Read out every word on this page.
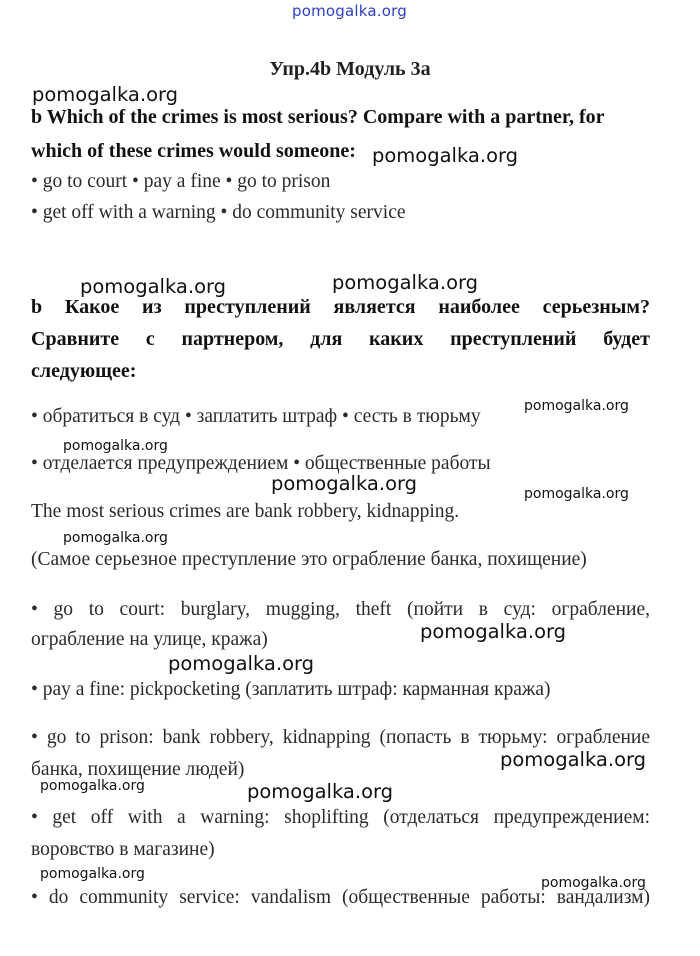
pomogalka.org
Упр.4b Модуль 3a
b Which of the crimes is most serious? Compare with a partner, for
which of these crimes would someone:
• go to court • pay a fine • go to prison
• get off with a warning • do community service
b Какое из преступлений является наиболее серьезным?
Сравните с партнером, для каких преступлений будет
следующее:
• обратиться в суд • заплатить штраф • сесть в тюрьму
• отделается предупреждением • общественные работы
The most serious crimes are bank robbery, kidnapping.
(Самое серьезное преступление это ограбление банка, похищение)
• go to court: burglary, mugging, theft (пойти в суд: ограбление,
ограбление на улице, кража)
• pay a fine: pickpocketing (заплатить штраф: карманная кража)
• go to prison: bank robbery, kidnapping (попасть в тюрьму: ограбление
банка, похищение людей)
• get off with a warning: shoplifting (отделаться предупреждением:
воровство в магазине)
• do community service: vandalism (общественные работы: вандализм)
pomogalka.org
pomogalka.org
pomogalka.org	pomogalka.org
pomogalka.org
pomogalka.org
pomogalka.org	pomogalka.org
pomogalka.org
pomogalka.org
pomogalka.org
pomogalka.org
pomogalka.org	pomogalka.org
pomogalka.org
pomogalka.org
